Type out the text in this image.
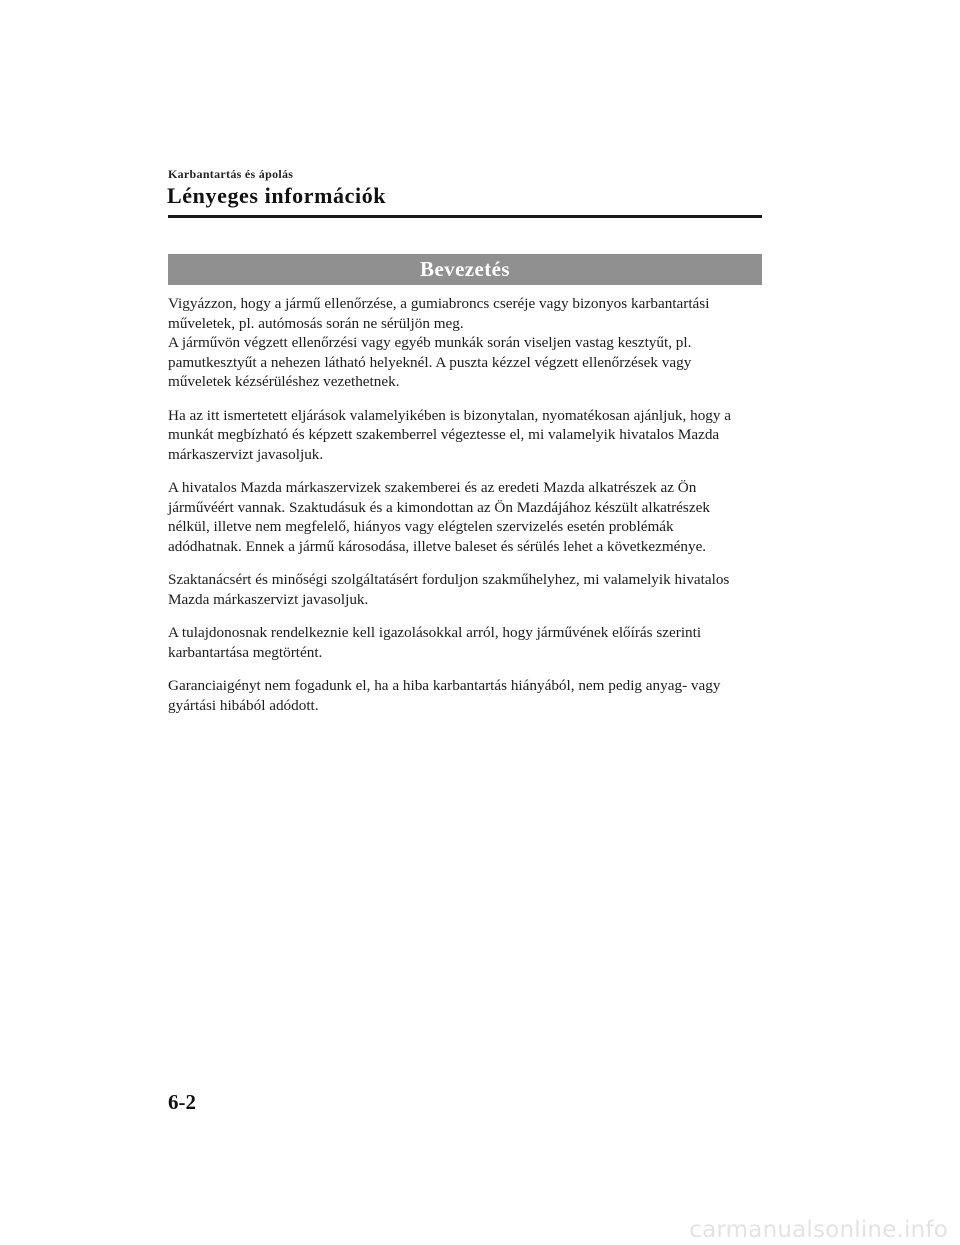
Karbantartás és ápolás
Lényeges információk
Bevezetés

Vigyázzon, hogy a jármű ellenőrzése, a gumiabroncs cseréje vagy bizonyos karbantartási
műveletek, pl. autómosás során ne sérüljön meg.
A járművön végzett ellenőrzési vagy egyéb munkák során viseljen vastag kesztyűt, pl.
pamutkesztyűt a nehezen látható helyeknél. A puszta kézzel végzett ellenőrzések vagy
műveletek kézsérüléshez vezethetnek.

Ha az itt ismertetett eljárások valamelyikében is bizonytalan, nyomatékosan ajánljuk, hogy a
munkát megbízható és képzett szakemberrel végeztesse el, mi valamelyik hivatalos Mazda
márkaszervizt javasoljuk.

A hivatalos Mazda márkaszervizek szakemberei és az eredeti Mazda alkatrészek az Ön
járművéért vannak. Szaktudásuk és a kimondottan az Ön Mazdájához készült alkatrészek
nélkül, illetve nem megfelelő, hiányos vagy elégtelen szervizelés esetén problémák
adódhatnak. Ennek a jármű károsodása, illetve baleset és sérülés lehet a következménye.

Szaktanácsért és minőségi szolgáltatásért forduljon szakműhelyhez, mi valamelyik hivatalos
Mazda márkaszervizt javasoljuk.

A tulajdonosnak rendelkeznie kell igazolásokkal arról, hogy járművének előírás szerinti
karbantartása megtörtént.

Garanciaigényt nem fogadunk el, ha a hiba karbantartás hiányából, nem pedig anyag- vagy
gyártási hibából adódott.

6-2
carmanualsonline.info
